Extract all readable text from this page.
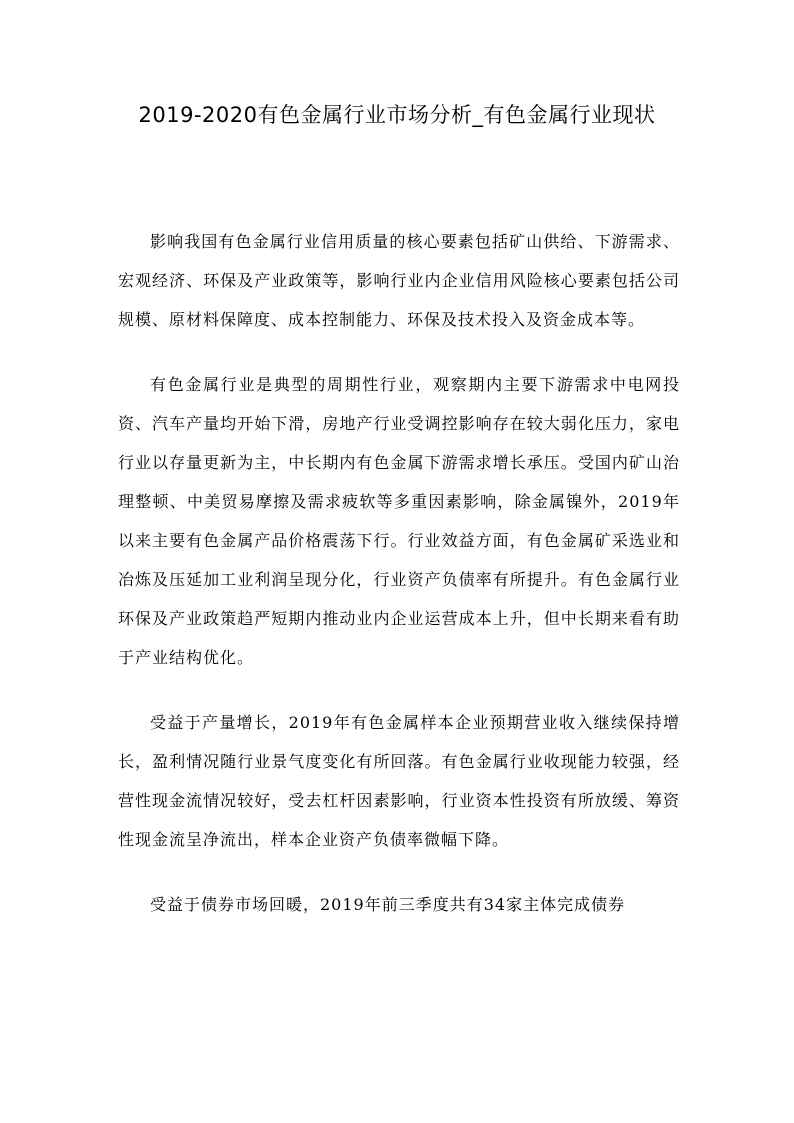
2019-2020有色金属行业市场分析_有色金属行业现状

影响我国有色金属行业信用质量的核心要素包括矿山供给、下游需求、宏观经济、环保及产业政策等，影响行业内企业信用风险核心要素包括公司规模、原材料保障度、成本控制能力、环保及技术投入及资金成本等。

有色金属行业是典型的周期性行业，观察期内主要下游需求中电网投资、汽车产量均开始下滑，房地产行业受调控影响存在较大弱化压力，家电行业以存量更新为主，中长期内有色金属下游需求增长承压。受国内矿山治理整顿、中美贸易摩擦及需求疲软等多重因素影响，除金属镍外，2019年以来主要有色金属产品价格震荡下行。行业效益方面，有色金属矿采选业和冶炼及压延加工业利润呈现分化，行业资产负债率有所提升。有色金属行业环保及产业政策趋严短期内推动业内企业运营成本上升，但中长期来看有助于产业结构优化。

受益于产量增长，2019年有色金属样本企业预期营业收入继续保持增长，盈利情况随行业景气度变化有所回落。有色金属行业收现能力较强，经营性现金流情况较好，受去杠杆因素影响，行业资本性投资有所放缓、筹资性现金流呈净流出，样本企业资产负债率微幅下降。

受益于债券市场回暖，2019年前三季度共有34家主体完成债券
